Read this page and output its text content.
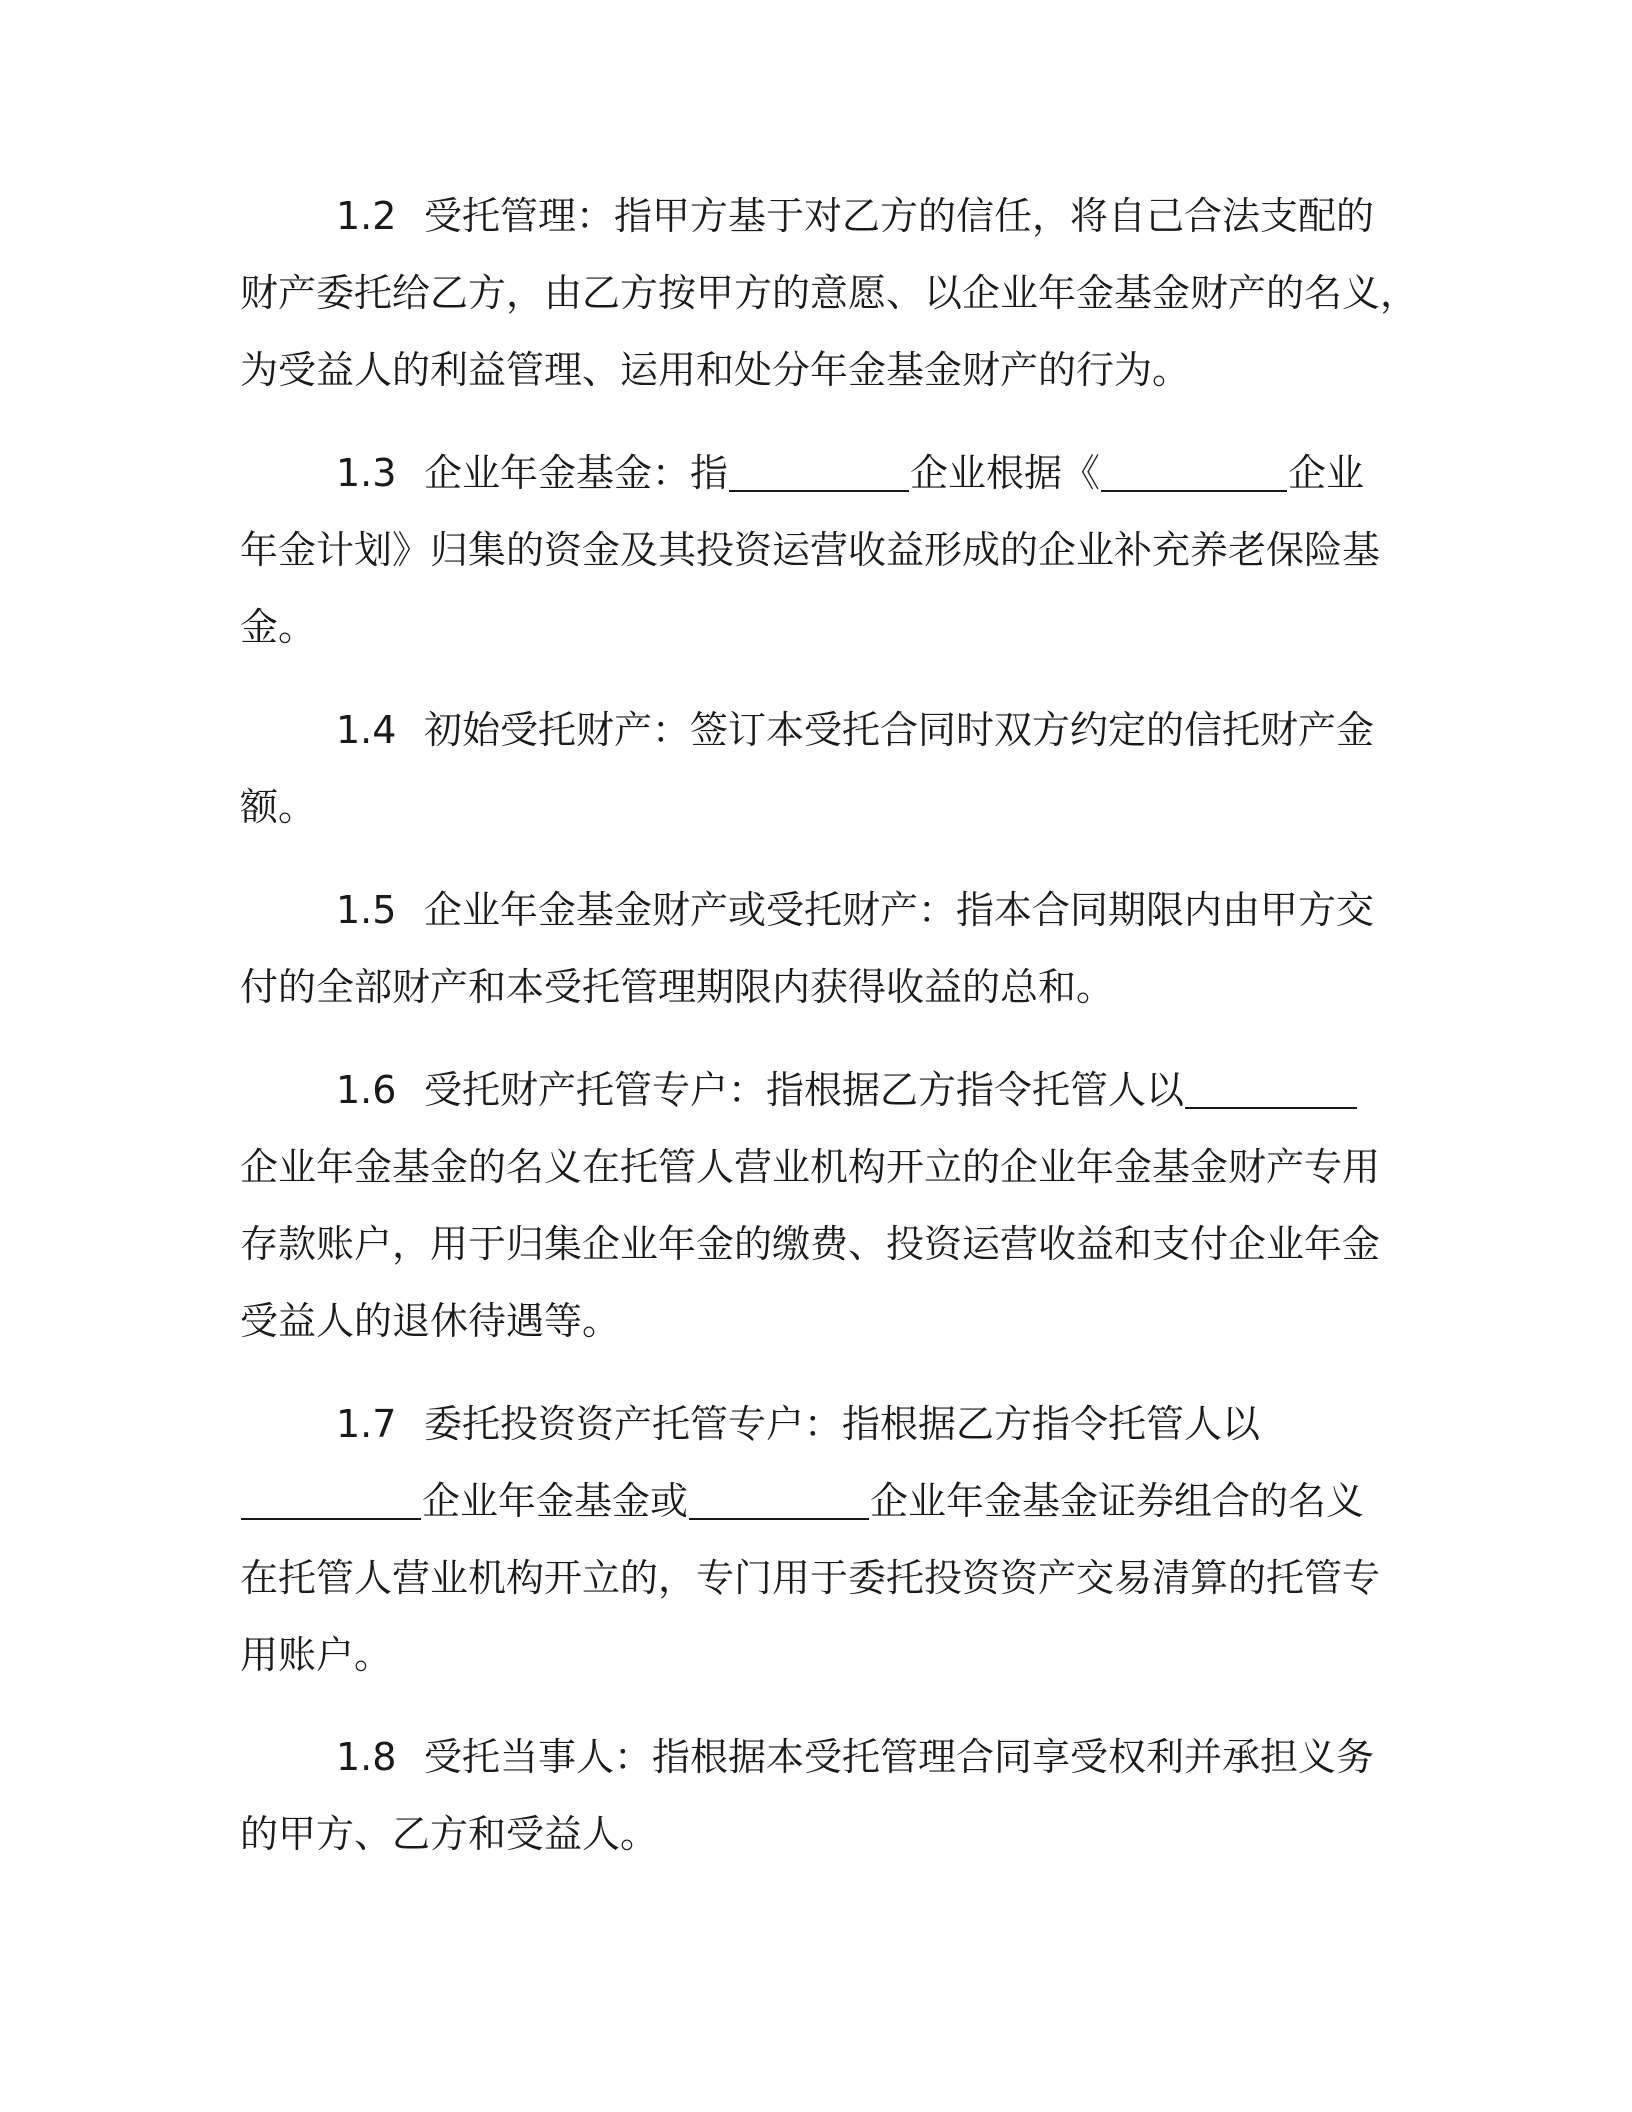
1.2 受托管理：指甲方基于对乙方的信任，将自己合法支配的
财产委托给乙方，由乙方按甲方的意愿、以企业年金基金财产的名义，
为受益人的利益管理、运用和处分年金基金财产的行为。
1.3 企业年金基金：指	企业根据《	企业
年金计划》归集的资金及其投资运营收益形成的企业补充养老保险基
金。
1.4 初始受托财产：签订本受托合同时双方约定的信托财产金
额。
1.5 企业年金基金财产或受托财产：指本合同期限内由甲方交
付的全部财产和本受托管理期限内获得收益的总和。
1.6 受托财产托管专户：指根据乙方指令托管人以
企业年金基金的名义在托管人营业机构开立的企业年金基金财产专用
存款账户，用于归集企业年金的缴费、投资运营收益和支付企业年金
受益人的退休待遇等。
1.7 委托投资资产托管专户：指根据乙方指令托管人以
企业年金基金或	企业年金基金证券组合的名义
在托管人营业机构开立的，专门用于委托投资资产交易清算的托管专
用账户。
1.8 受托当事人：指根据本受托管理合同享受权利并承担义务
的甲方、乙方和受益人。
